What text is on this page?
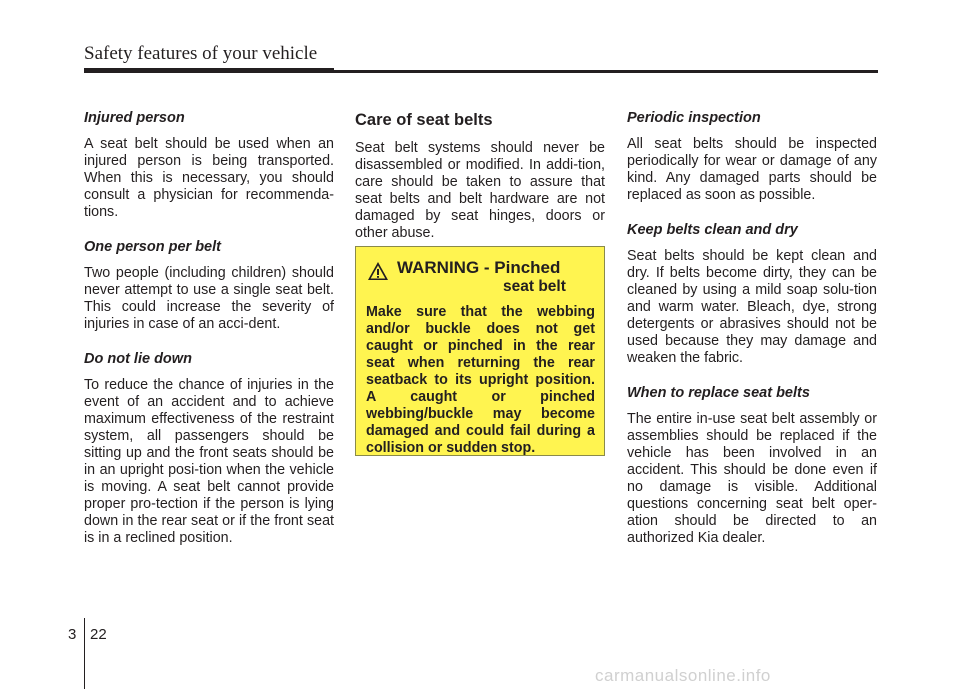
Safety features of your vehicle
Injured person

A seat belt should be used when an injured person is being transported. When this is necessary, you should consult a physician for recommenda-tions.

One person per belt

Two people (including children) should never attempt to use a single seat belt. This could increase the severity of injuries in case of an acci-dent.

Do not lie down

To reduce the chance of injuries in the event of an accident and to achieve maximum effectiveness of the restraint system, all passengers should be sitting up and the front seats should be in an upright posi-tion when the vehicle is moving. A seat belt cannot provide proper pro-tection if the person is lying down in the rear seat or if the front seat is in a reclined position.

Care of seat belts

Seat belt systems should never be disassembled or modified. In addi-tion, care should be taken to assure that seat belts and belt hardware are not damaged by seat hinges, doors or other abuse.

WARNING - Pinched
seat belt

Make sure that the webbing and/or buckle does not get caught or pinched in the rear seat when returning the rear seatback to its upright position. A caught or pinched webbing/buckle may become damaged and could fail during a collision or sudden stop.

Periodic inspection

All seat belts should be inspected periodically for wear or damage of any kind. Any damaged parts should be replaced as soon as possible.

Keep belts clean and dry

Seat belts should be kept clean and dry. If belts become dirty, they can be cleaned by using a mild soap solu-tion and warm water. Bleach, dye, strong detergents or abrasives should not be used because they may damage and weaken the fabric.

When to replace seat belts

The entire in-use seat belt assembly or assemblies should be replaced if the vehicle has been involved in an accident. This should be done even if no damage is visible. Additional questions concerning seat belt oper-ation should be directed to an authorized Kia dealer.

3 22
carmanualsonline.info
